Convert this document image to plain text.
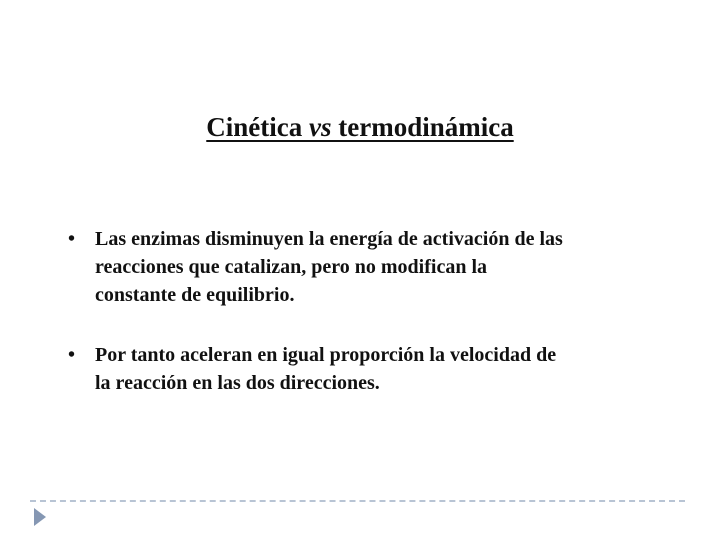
Cinética vs termodinámica
• Las enzimas disminuyen la energía de activación de las
reacciones que catalizan, pero no modifican la
constante de equilibrio.
• Por tanto aceleran en igual proporción la velocidad de
la reacción en las dos direcciones.
